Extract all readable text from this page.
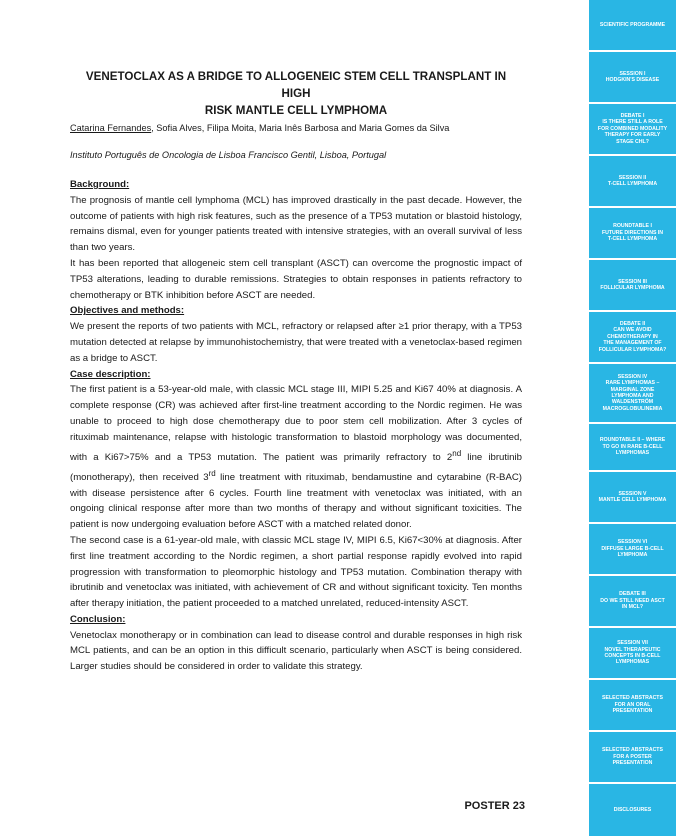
VENETOCLAX AS A BRIDGE TO ALLOGENEIC STEM CELL TRANSPLANT IN HIGH
RISK MANTLE CELL LYMPHOMA
Catarina Fernandes, Sofia Alves, Filipa Moita, Maria Inês Barbosa and Maria Gomes da Silva
Instituto Português de Oncologia de Lisboa Francisco Gentil, Lisboa, Portugal

Background:

The prognosis of mantle cell lymphoma (MCL) has improved drastically in the past decade. However, the outcome of patients with high risk features, such as the presence of a TP53 mutation or blastoid histology, remains dismal, even for younger patients treated with intensive strategies, with an overall survival of less than two years.

It has been reported that allogeneic stem cell transplant (ASCT) can overcome the prognostic impact of TP53 alterations, leading to durable remissions. Strategies to obtain responses in patients refractory to chemotherapy or BTK inhibition before ASCT are needed.

Objectives and methods:

We present the reports of two patients with MCL, refractory or relapsed after ≥1 prior therapy, with a TP53 mutation detected at relapse by immunohistochemistry, that were treated with a venetoclax-based regimen as a bridge to ASCT.

Case description:

The first patient is a 53-year-old male, with classic MCL stage III, MIPI 5.25 and Ki67 40% at diagnosis. A complete response (CR) was achieved after first-line treatment according to the Nordic regimen. He was unable to proceed to high dose chemotherapy due to poor stem cell mobilization. After 3 cycles of rituximab maintenance, relapse with histologic transformation to blastoid morphology was documented, with a Ki67>75% and a TP53 mutation. The patient was primarily refractory to 2nd line ibrutinib (monotherapy), then received 3rd line treatment with rituximab, bendamustine and cytarabine (R-BAC) with disease persistence after 6 cycles. Fourth line treatment with venetoclax was initiated, with an ongoing clinical response after more than two months of therapy and without significant toxicities. The patient is now undergoing evaluation before ASCT with a matched related donor.

The second case is a 61-year-old male, with classic MCL stage IV, MIPI 6.5, Ki67<30% at diagnosis. After first line treatment according to the Nordic regimen, a short partial response rapidly evolved into rapid progression with transformation to pleomorphic histology and TP53 mutation. Combination therapy with ibrutinib and venetoclax was initiated, with achievement of CR and without significant toxicity. Ten months after therapy initiation, the patient proceeded to a matched unrelated, reduced-intensity ASCT.

Conclusion:

Venetoclax monotherapy or in combination can lead to disease control and durable responses in high risk MCL patients, and can be an option in this difficult scenario, particularly when ASCT is being considered. Larger studies should be considered in order to validate this strategy.

POSTER 23
SCIENTIFIC PROGRAMME
SESSION I
HODGKIN'S DISEASE
DEBATE I
IS THERE STILL A ROLE
FOR COMBINED MODALITY
THERAPY FOR EARLY
STAGE CHL?
SESSION II
T-CELL LYMPHOMA
ROUNDTABLE I
FUTURE DIRECTIONS IN
T-CELL LYMPHOMA
SESSION III
FOLLICULAR LYMPHOMA
DEBATE II
CAN WE AVOID
CHEMOTHERAPY IN
THE MANAGEMENT OF
FOLLICULAR LYMPHOMA?
SESSION IV
RARE LYMPHOMAS –
MARGINAL ZONE
LYMPHOMA AND
WALDENSTRÖM
MACROGLOBULINEMIA
ROUNDTABLE II – WHERE
TO GO IN RARE B-CELL
LYMPHOMAS
SESSION V
MANTLE CELL LYMPHOMA
SESSION VI
DIFFUSE LARGE B-CELL
LYMPHOMA
DEBATE III
DO WE STILL NEED ASCT
IN MCL?
SESSION VII
NOVEL THERAPEUTIC
CONCEPTS IN B-CELL
LYMPHOMAS
SELECTED ABSTRACTS
FOR AN ORAL
PRESENTATION
SELECTED ABSTRACTS
FOR A POSTER
PRESENTATION
DISCLOSURES
